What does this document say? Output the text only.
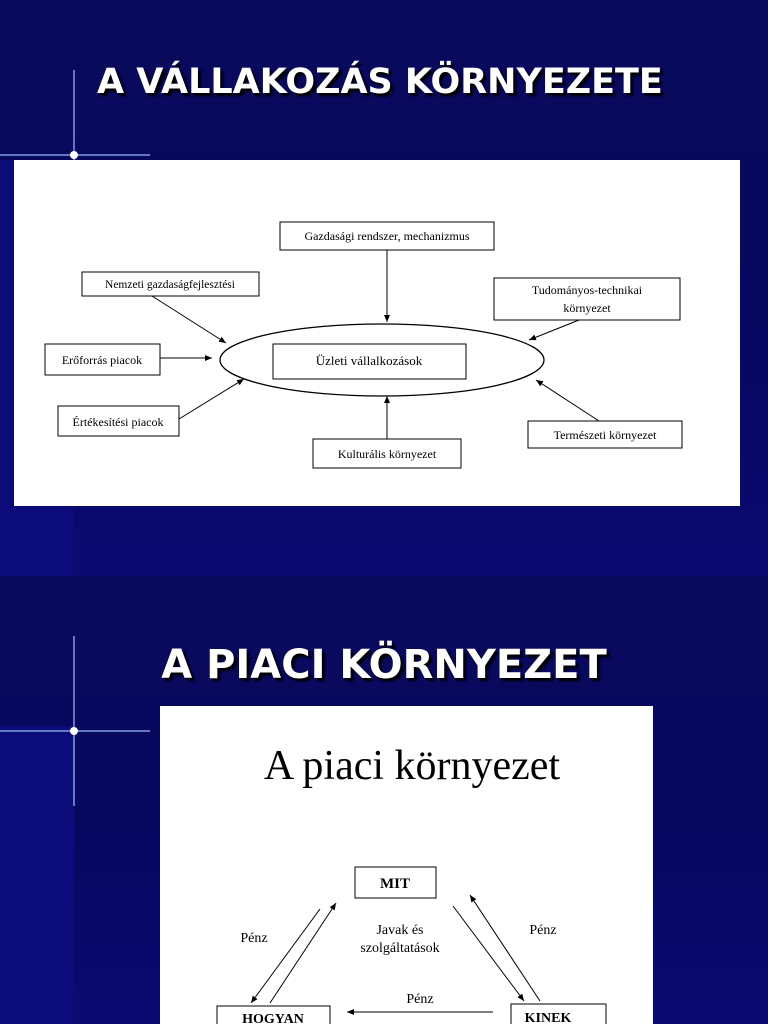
A VÁLLAKOZÁS KÖRNYEZETE
Üzleti vállalkozások
Gazdasági rendszer, mechanizmus
Nemzeti gazdaságfejlesztési
Erőforrás piacok
Értékesítési piacok
Kulturális környezet
Tudományos-technikai
környezet
Természeti környezet
A PIACI KÖRNYEZET
A piaci környezet
MIT
HOGYAN	KINEK
Javak és
szolgáltatások
Pénz
Pénz
Pénz
